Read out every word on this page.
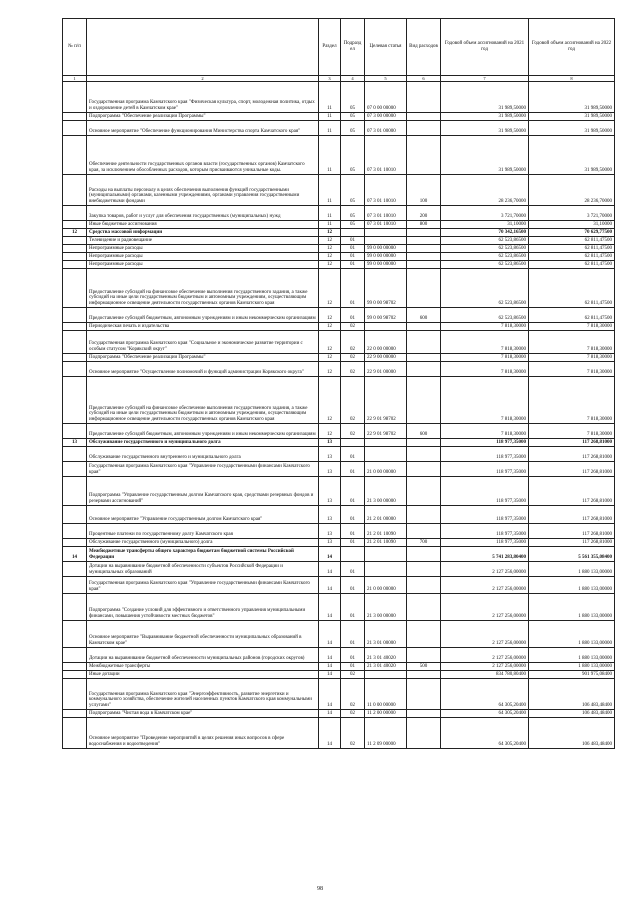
№ п/п		Раздел	Подраздел	Целевая статья	Вид расходов	Годовой объем ассигнований на 2021 год	Годовой объем ассигнований на 2022 год
1	2	3	4	5	6	7	8
	Государственная программа Камчатского края "Физическая культура, спорт, молодежная политика, отдых и оздоровление детей в Камчатском крае"	11	05	07 0 00 00000		31 989,50000	31 989,50000
	Подпрограмма "Обеспечение реализации Программы"	11	05	07 3 00 00000		31 989,50000	31 989,50000
	Основное мероприятие "Обеспечение функционирования Министерства спорта Камчатского края"	11	05	07 3 01 00000		31 989,50000	31 989,50000
	Обеспечение деятельности государственных органов власти (государственных органов) Камчатского края, за исключением обособленных расходов, которым присваиваются уникальные коды.	11	05	07 3 01 10010		31 989,50000	31 989,50000
	Расходы на выплаты персоналу в целях обеспечения выполнения функций государственными (муниципальными) органами, казенными учреждениями, органами управления государственными внебюджетными фондами	11	05	07 3 01 10010	100	28 236,70000	28 236,70000
	Закупка товаров, работ и услуг для обеспечения государственных (муниципальных) нужд	11	05	07 3 01 10010	200	3 721,70000	3 721,70000
	Иные бюджетные ассигнования	11	05	07 3 01 10010	800	31,10000	31,10000
12	Средства массовой информации	12				70 342,16500	70 629,77500
	Телевидение и радиовещание	12	01			62 523,86500	62 811,47500
	Непрограммные расходы	12	01	99 0 00 00000		62 523,86500	62 811,47500
	Непрограммные расходы	12	01	99 0 00 00000		62 523,86500	62 811,47500
	Непрограммные расходы	12	01	99 0 00 00000		62 523,86500	62 811,47500
	Предоставление субсидий на финансовое обеспечение выполнения государственного задания, а также субсидий на иные цели государственным бюджетным и автономным учреждениям, осуществляющим информационное освещение деятельности государственных органов Камчатского края	12	01	99 0 00 98702		62 523,86500	62 811,47500
	Предоставление субсидий бюджетным, автономным учреждениям и иным некоммерческим организациям	12	01	99 0 00 98702	600	62 523,86500	62 811,47500
	Периодическая печать и издательства	12	02			7 818,30000	7 818,30000
	Государственная программа Камчатского края "Социальное и экономическое развитие территории с особым статусом "Корякский округ"	12	02	22 0 00 00000		7 818,30000	7 818,30000
	Подпрограмма "Обеспечение реализации Программы"	12	02	22 9 00 00000		7 818,30000	7 818,30000
	Основное мероприятие "Осуществление полномочий и функций администрации Корякского округа"	12	02	22 9 01 00000		7 818,30000	7 818,30000
	Предоставление субсидий на финансовое обеспечение выполнения государственного задания, а также субсидий на иные цели государственным бюджетным и автономным учреждениям, осуществляющим информационное освещение деятельности государственных органов Камчатского края	12	02	22 9 01 98702		7 818,30000	7 818,30000
	Предоставление субсидий бюджетным, автономным учреждениям и иным некоммерческим организациям	12	02	22 9 01 98702	600	7 818,30000	7 818,30000
13	Обслуживание государственного и муниципального долга	13				118 977,35000	117 268,81000
	Обслуживание государственного внутреннего и муниципального долга	13	01			118 977,35000	117 268,81000
	Государственная программа Камчатского края "Управление государственными финансами Камчатского края"	13	01	21 0 00 00000		118 977,35000	117 268,81000
	Подпрограмма "Управление государственным долгом Камчатского края, средствами резервных фондов и резервами ассигнований"	13	01	21 3 00 00000		118 977,35000	117 268,81000
	Основное мероприятие "Управление государственным долгом Камчатского края"	13	01	21 2 01 00000		118 977,35000	117 268,81000
	Процентные платежи по государственному долгу Камчатского края	13	01	21 2 01 10090		118 977,35000	117 268,81000
	Обслуживание государственного (муниципального) долга	13	01	21 2 01 10090	700	118 977,35000	117 268,81000
14	Межбюджетные трансферты общего характера бюджетам бюджетной системы Российской Федерации	14				5 741 283,80400	5 561 355,08400
	Дотации на выравнивание бюджетной обеспеченности субъектов Российской Федерации и муниципальных образований	14	01			2 127 256,00000	1 880 133,00000
	Государственная программа Камчатского края "Управление государственными финансами Камчатского края"	14	01	21 0 00 00000		2 127 256,00000	1 880 133,00000
	Подпрограмма "Создание условий для эффективного и ответственного управления муниципальными финансами, повышения устойчивости местных бюджетов"	14	01	21 3 00 00000		2 127 256,00000	1 880 133,00000
	Основное мероприятие "Выравнивание бюджетной обеспеченности муниципальных образований в Камчатском крае"	14	01	21 3 01 00000		2 127 256,00000	1 880 133,00000
	Дотации на выравнивание бюджетной обеспеченности муниципальных районов (городских округов)	14	01	21 3 01 40020		2 127 256,00000	1 880 133,00000
	Межбюджетные трансферты	14	01	21 3 01 40020	500	2 127 256,00000	1 880 133,00000
	Иные дотации	14	02			834 780,80400	901 975,08400
	Государственная программа Камчатского края "Энергоэффективность, развитие энергетики и коммунального хозяйства, обеспечение жителей населенных пунктов Камчатского края коммунальными услугами"	14	02	11 0 00 00000		64 305,20400	106 483,48400
	Подпрограмма "Чистая вода в Камчатском крае"	14	02	11 2 00 00000		64 305,20400	106 483,48400
	Основное мероприятие "Проведение мероприятий в целях решения иных вопросов в сфере водоснабжения и водоотведения"	14	02	11 2 09 00000		64 305,20400	106 483,48400
98
